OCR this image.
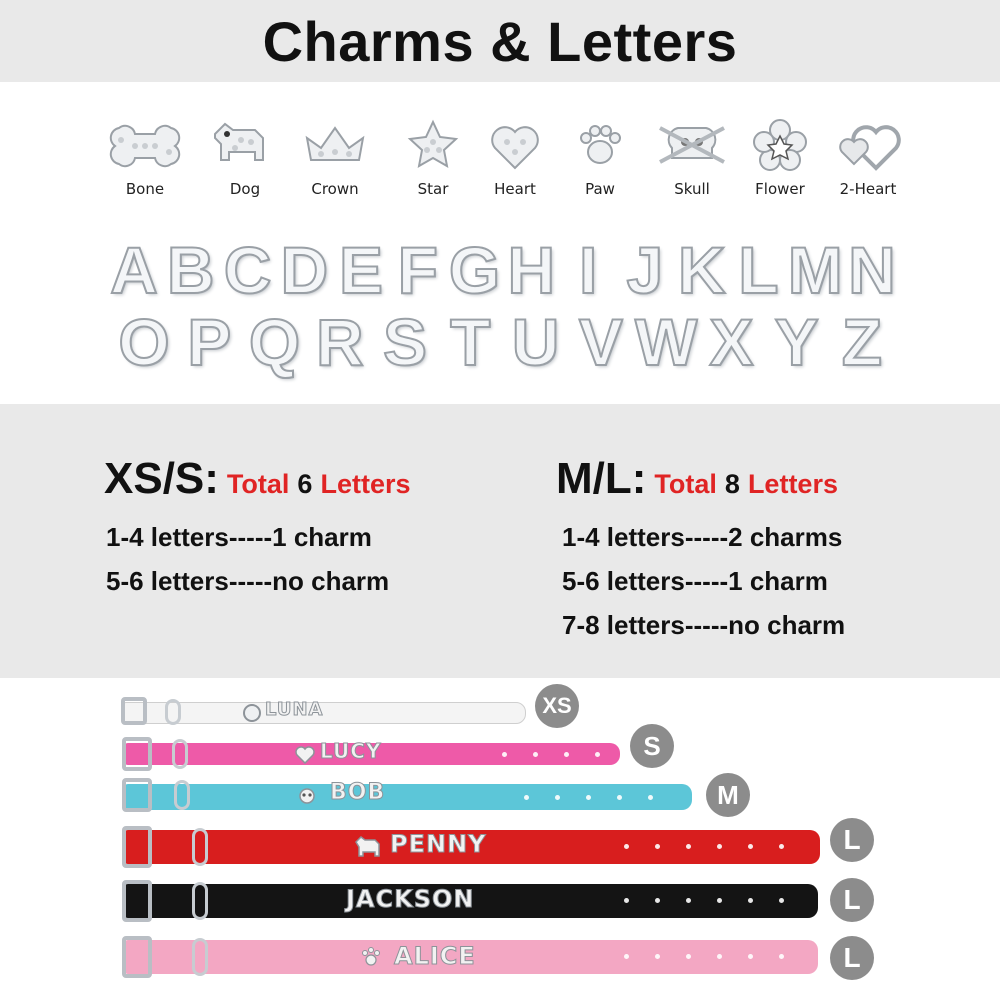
Charms & Letters
Bone	Dog	Crown	Star	Heart	Paw	Skull	Flower	2-Heart
A B C D E F G H I J K L M N
O P Q R S T U V W X Y Z
XS/S: Total 6 Letters
1-4 letters-----1 charm
5-6 letters-----no charm
M/L: Total 8 Letters
1-4 letters-----2 charms
5-6 letters-----1 charm
7-8 letters-----no charm
LUNA	XS
LUCY	S
BOB	M
PENNY	L
JACKSON	L
ALICE	L
